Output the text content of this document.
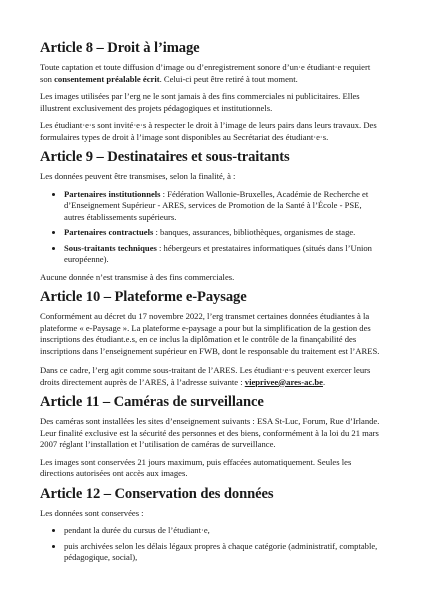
Article 8 – Droit à l’image

Toute captation et toute diffusion d’image ou d’enregistrement sonore d’un·e étudiant·e requiert son consentement préalable écrit. Celui-ci peut être retiré à tout moment.

Les images utilisées par l’erg ne le sont jamais à des fins commerciales ni publicitaires. Elles illustrent exclusivement des projets pédagogiques et institutionnels.

Les étudiant·e·s sont invité·e·s à respecter le droit à l’image de leurs pairs dans leurs travaux. Des formulaires types de droit à l’image sont disponibles au Secrétariat des étudiant·e·s.

Article 9 – Destinataires et sous-traitants

Les données peuvent être transmises, selon la finalité, à :

• Partenaires institutionnels : Fédération Wallonie-Bruxelles, Académie de Recherche et d’Enseignement Supérieur - ARES, services de Promotion de la Santé à l’École - PSE, autres établissements supérieurs.
• Partenaires contractuels : banques, assurances, bibliothèques, organismes de stage.
• Sous-traitants techniques : hébergeurs et prestataires informatiques (situés dans l’Union européenne).

Aucune donnée n’est transmise à des fins commerciales.

Article 10 – Plateforme e-Paysage

Conformément au décret du 17 novembre 2022, l’erg transmet certaines données étudiantes à la plateforme « e-Paysage ». La plateforme e-paysage a pour but la simplification de la gestion des inscriptions des étudiant.e.s, en ce inclus la diplômation et le contrôle de la finançabilité des inscriptions dans l’enseignement supérieur en FWB, dont le responsable du traitement est l’ARES.

Dans ce cadre, l’erg agit comme sous-traitant de l’ARES. Les étudiant·e·s peuvent exercer leurs droits directement auprès de l’ARES, à l’adresse suivante : vieprivee@ares-ac.be.

Article 11 – Caméras de surveillance

Des caméras sont installées les sites d’enseignement suivants : ESA St-Luc, Forum, Rue d’Irlande. Leur finalité exclusive est la sécurité des personnes et des biens, conformément à la loi du 21 mars 2007 réglant l’installation et l’utilisation de caméras de surveillance.

Les images sont conservées 21 jours maximum, puis effacées automatiquement. Seules les directions autorisées ont accès aux images.

Article 12 – Conservation des données

Les données sont conservées :

• pendant la durée du cursus de l’étudiant·e,
• puis archivées selon les délais légaux propres à chaque catégorie (administratif, comptable, pédagogique, social),
